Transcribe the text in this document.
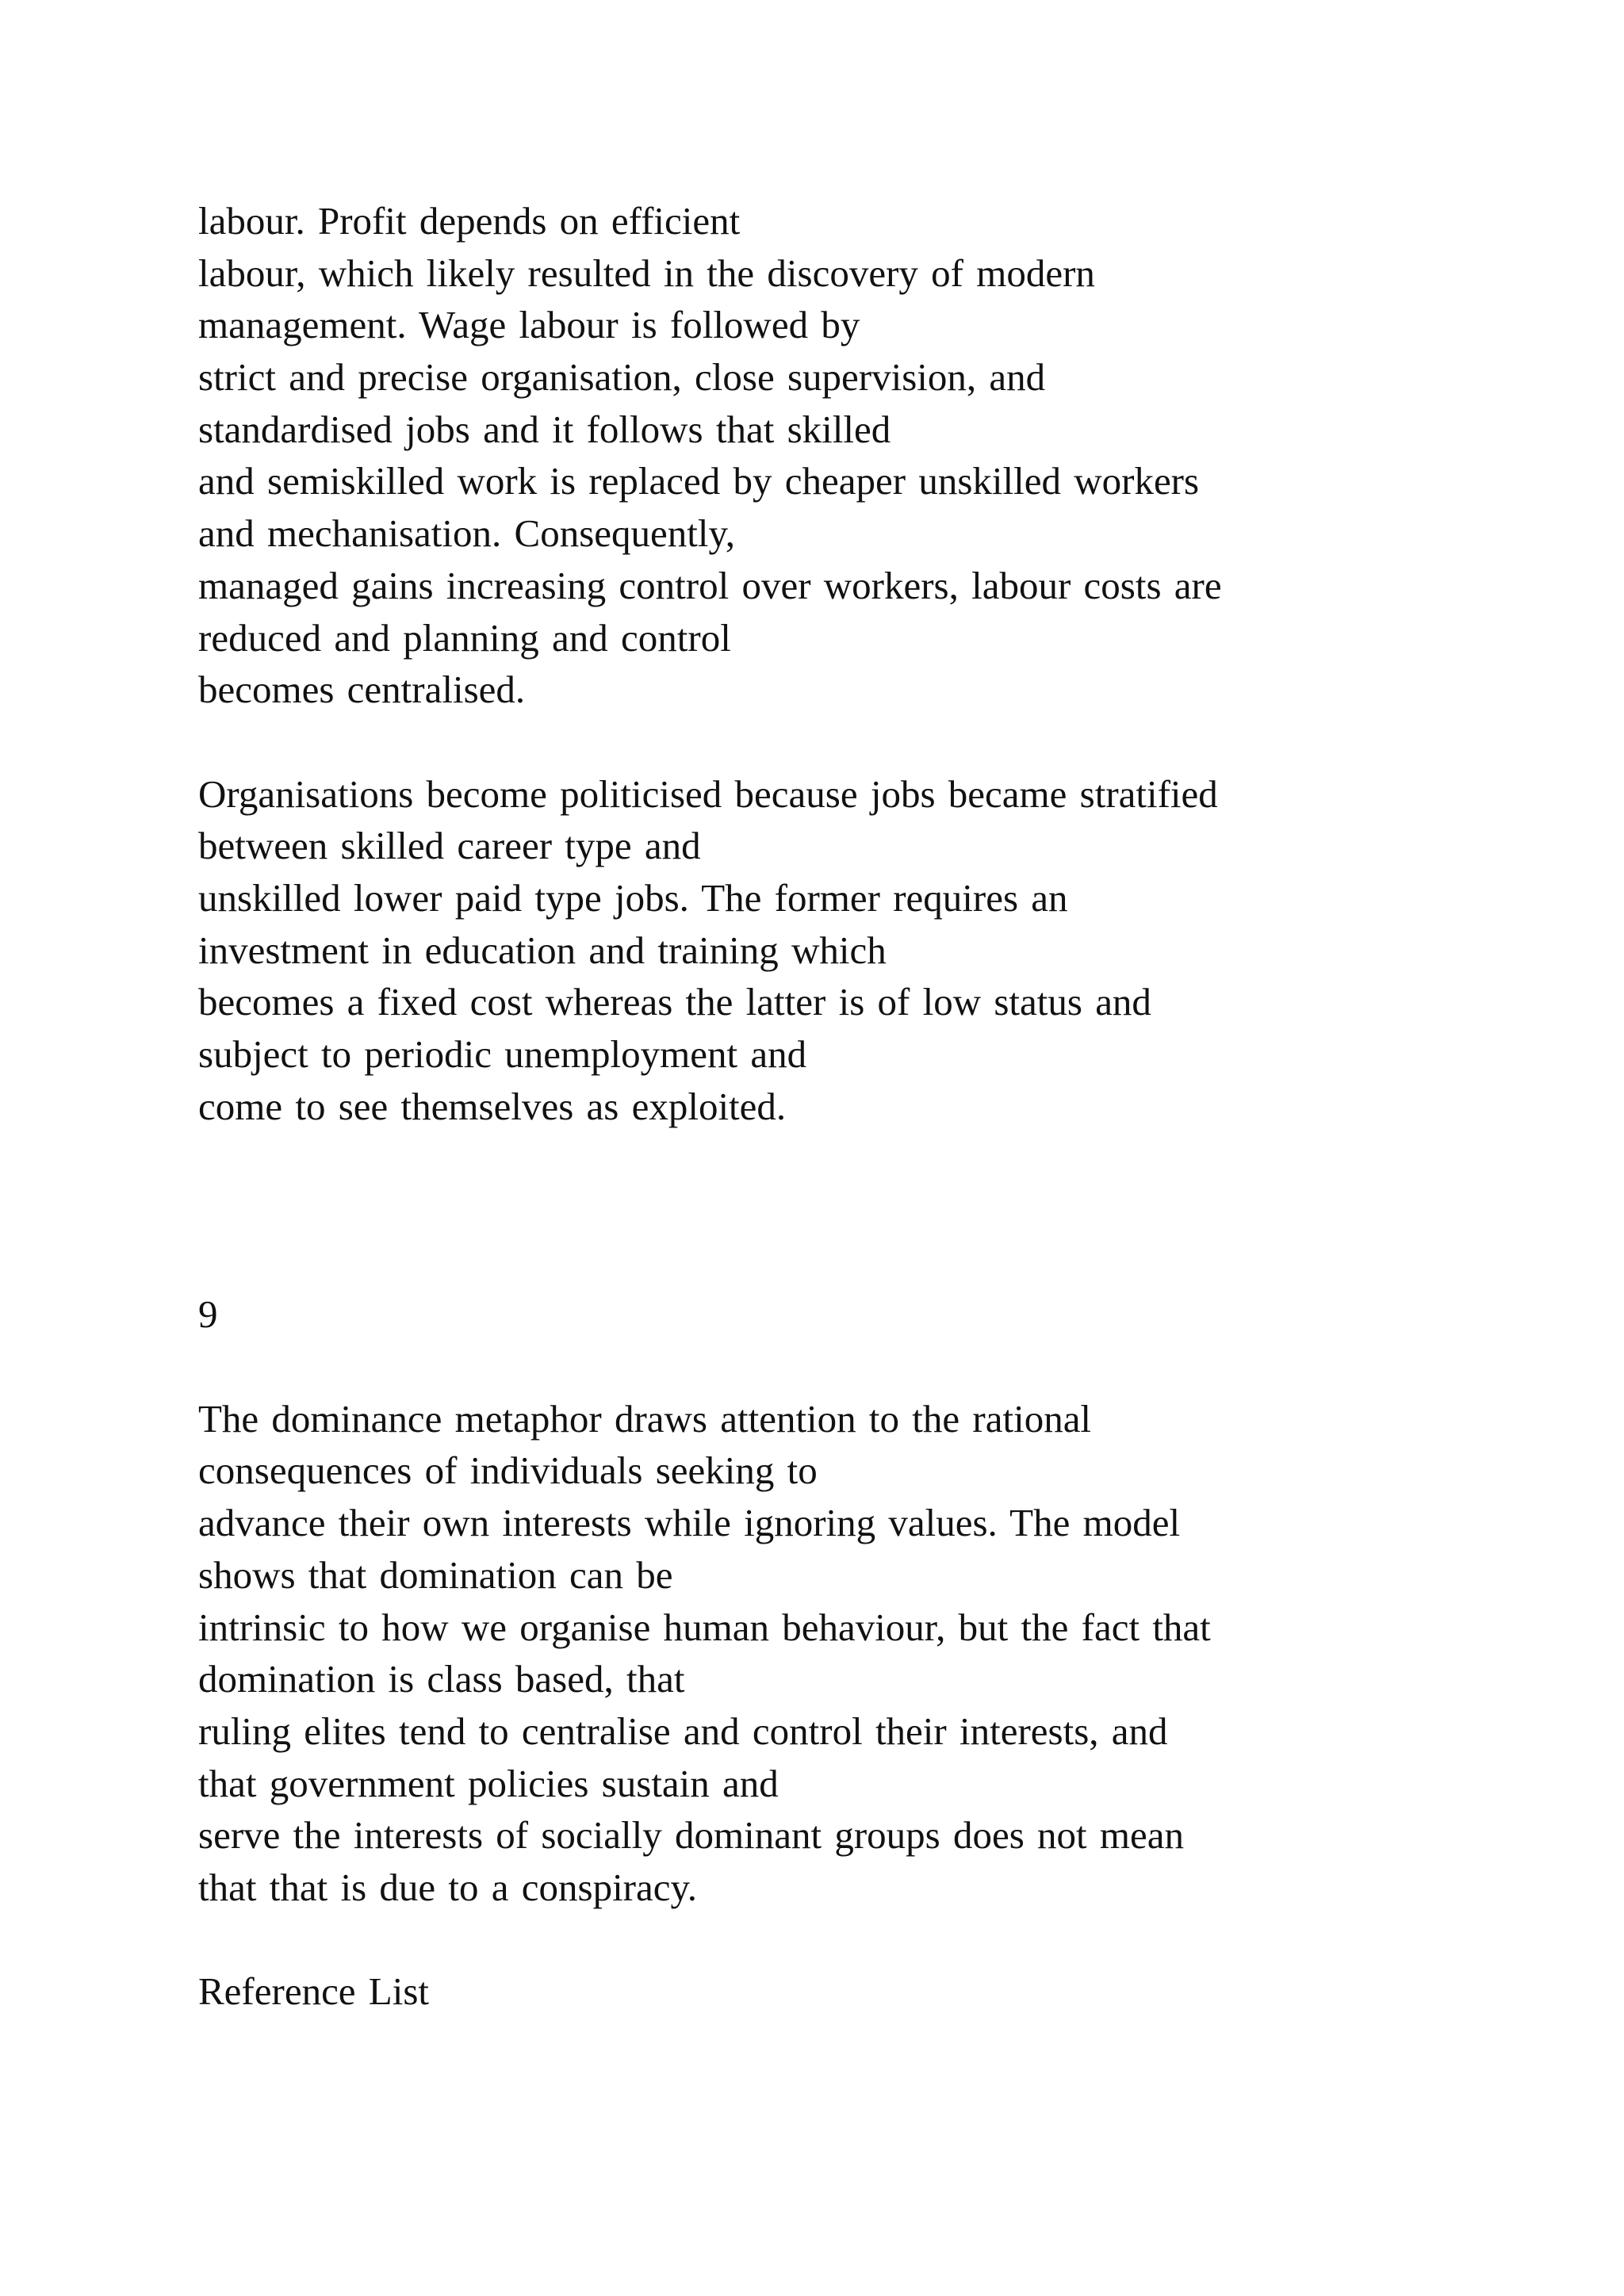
labour. Profit depends on efficient
labour, which likely resulted in the discovery of modern
management. Wage labour is followed by
strict and precise organisation, close supervision, and
standardised jobs and it follows that skilled
and semiskilled work is replaced by cheaper unskilled workers
and mechanisation. Consequently,
managed gains increasing control over workers, labour costs are
reduced and planning and control
becomes centralised.
Organisations become politicised because jobs became stratified
between skilled career type and
unskilled lower paid type jobs. The former requires an
investment in education and training which
becomes a fixed cost whereas the latter is of low status and
subject to periodic unemployment and
come to see themselves as exploited.
9
The dominance metaphor draws attention to the rational
consequences of individuals seeking to
advance their own interests while ignoring values. The model
shows that domination can be
intrinsic to how we organise human behaviour, but the fact that
domination is class based, that
ruling elites tend to centralise and control their interests, and
that government policies sustain and
serve the interests of socially dominant groups does not mean
that that is due to a conspiracy.
Reference List
